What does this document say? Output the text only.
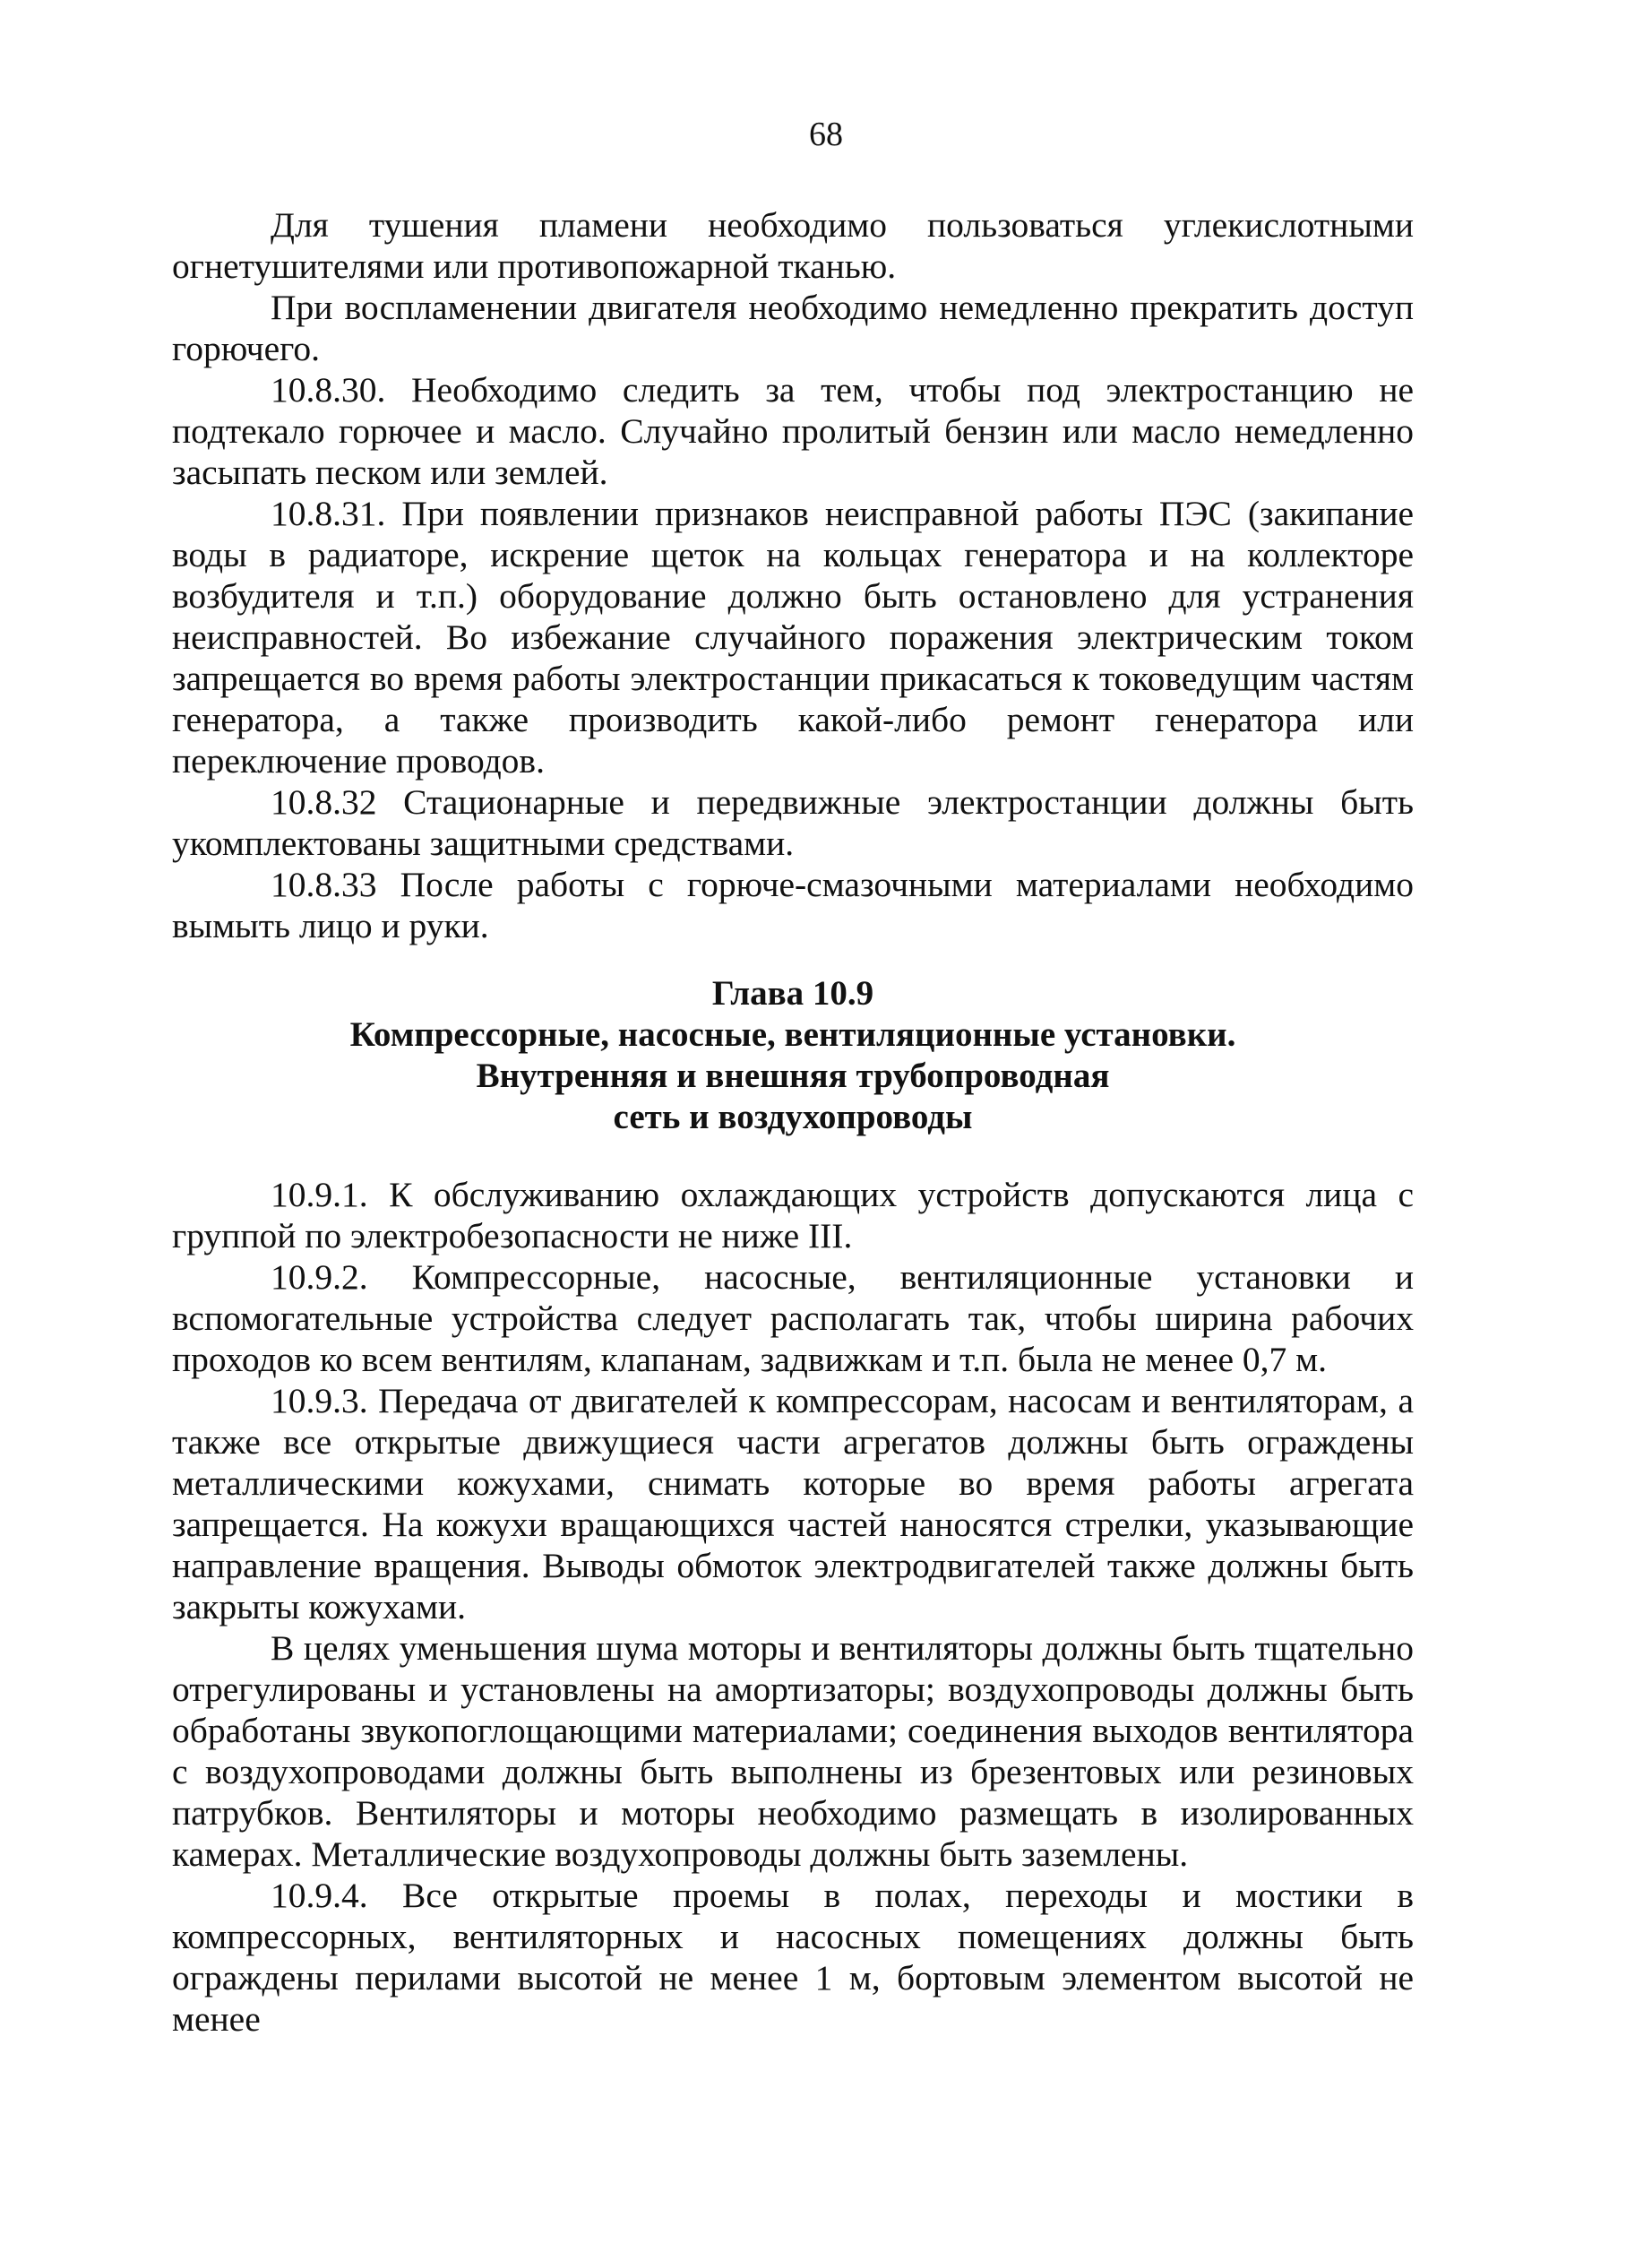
68

Для тушения пламени необходимо пользоваться углекислотными огнетушителями или противопожарной тканью.

При воспламенении двигателя необходимо немедленно прекратить доступ горючего.

10.8.30. Необходимо следить за тем, чтобы под электростанцию не подтекало горючее и масло. Случайно пролитый бензин или масло немедленно засыпать песком или землей.

10.8.31. При появлении признаков неисправной работы ПЭС (закипание воды в радиаторе, искрение щеток на кольцах генератора и на коллекторе возбудителя и т.п.) оборудование должно быть остановлено для устранения неисправностей. Во избежание случайного поражения электрическим током запрещается во время работы электростанции прикасаться к токоведущим частям генератора, а также производить какой-либо ремонт генератора или переключение проводов.

10.8.32 Стационарные и передвижные электростанции должны быть укомплектованы защитными средствами.

10.8.33 После работы с горюче-смазочными материалами необходимо вымыть лицо и руки.

Глава 10.9
Компрессорные, насосные, вентиляционные установки.
Внутренняя и внешняя трубопроводная
сеть и воздухопроводы

10.9.1. К обслуживанию охлаждающих устройств допускаются лица с группой по электробезопасности не ниже III.

10.9.2. Компрессорные, насосные, вентиляционные установки и вспомогательные устройства следует располагать так, чтобы ширина рабочих проходов ко всем вентилям, клапанам, задвижкам и т.п. была не менее 0,7 м.

10.9.3. Передача от двигателей к компрессорам, насосам и вентиляторам, а также все открытые движущиеся части агрегатов должны быть ограждены металлическими кожухами, снимать которые во время работы агрегата запрещается. На кожухи вращающихся частей наносятся стрелки, указывающие направление вращения. Выводы обмоток электродвигателей также должны быть закрыты кожухами.

В целях уменьшения шума моторы и вентиляторы должны быть тщательно отрегулированы и установлены на амортизаторы; воздухопроводы должны быть обработаны звукопоглощающими материалами; соединения выходов вентилятора с воздухопроводами должны быть выполнены из брезентовых или резиновых патрубков. Вентиляторы и моторы необходимо размещать в изолированных камерах. Металлические воздухопроводы должны быть заземлены.

10.9.4. Все открытые проемы в полах, переходы и мостики в компрессорных, вентиляторных и насосных помещениях должны быть ограждены перилами высотой не менее 1 м, бортовым элементом высотой не менее
